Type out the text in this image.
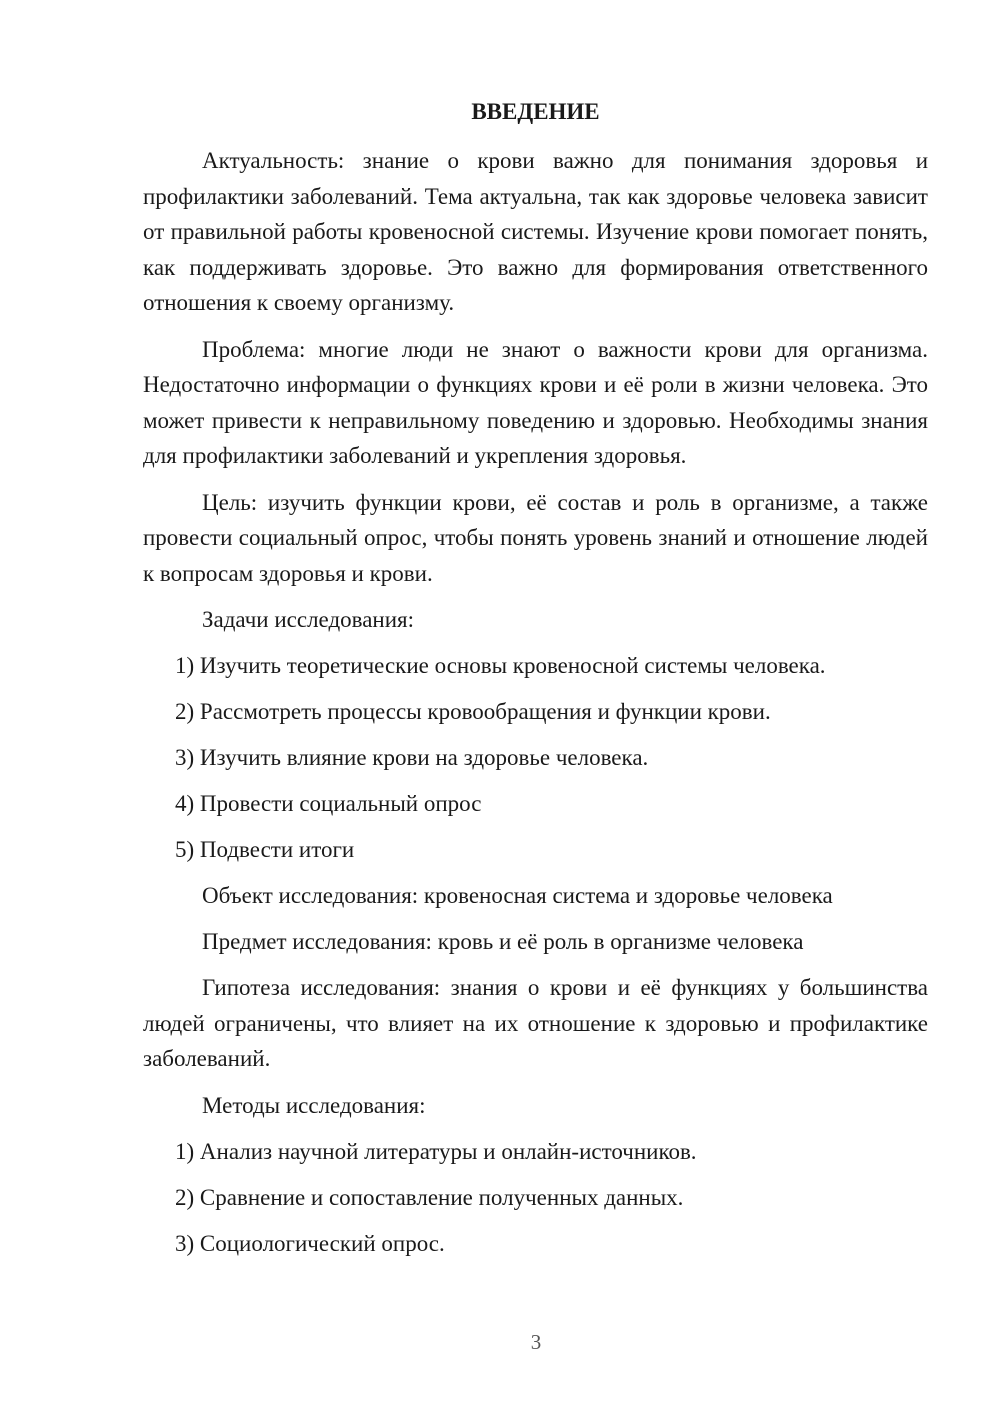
ВВЕДЕНИЕ

Актуальность: знание о крови важно для понимания здоровья и профилактики заболеваний. Тема актуальна, так как здоровье человека зависит от правильной работы кровеносной системы. Изучение крови помогает понять, как поддерживать здоровье. Это важно для формирования ответственного отношения к своему организму.

Проблема: многие люди не знают о важности крови для организма. Недостаточно информации о функциях крови и её роли в жизни человека. Это может привести к неправильному поведению и здоровью. Необходимы знания для профилактики заболеваний и укрепления здоровья.

Цель: изучить функции крови, её состав и роль в организме, а также провести социальный опрос, чтобы понять уровень знаний и отношение людей к вопросам здоровья и крови.

Задачи исследования:

1) Изучить теоретические основы кровеносной системы человека.

2) Рассмотреть процессы кровообращения и функции крови.

3) Изучить влияние крови на здоровье человека.

4) Провести социальный опрос

5) Подвести итоги

Объект исследования: кровеносная система и здоровье человека

Предмет исследования: кровь и её роль в организме человека

Гипотеза исследования: знания о крови и её функциях у большинства людей ограничены, что влияет на их отношение к здоровью и профилактике заболеваний.

Методы исследования:

1) Анализ научной литературы и онлайн-источников.

2) Сравнение и сопоставление полученных данных.

3) Социологический опрос.

3
